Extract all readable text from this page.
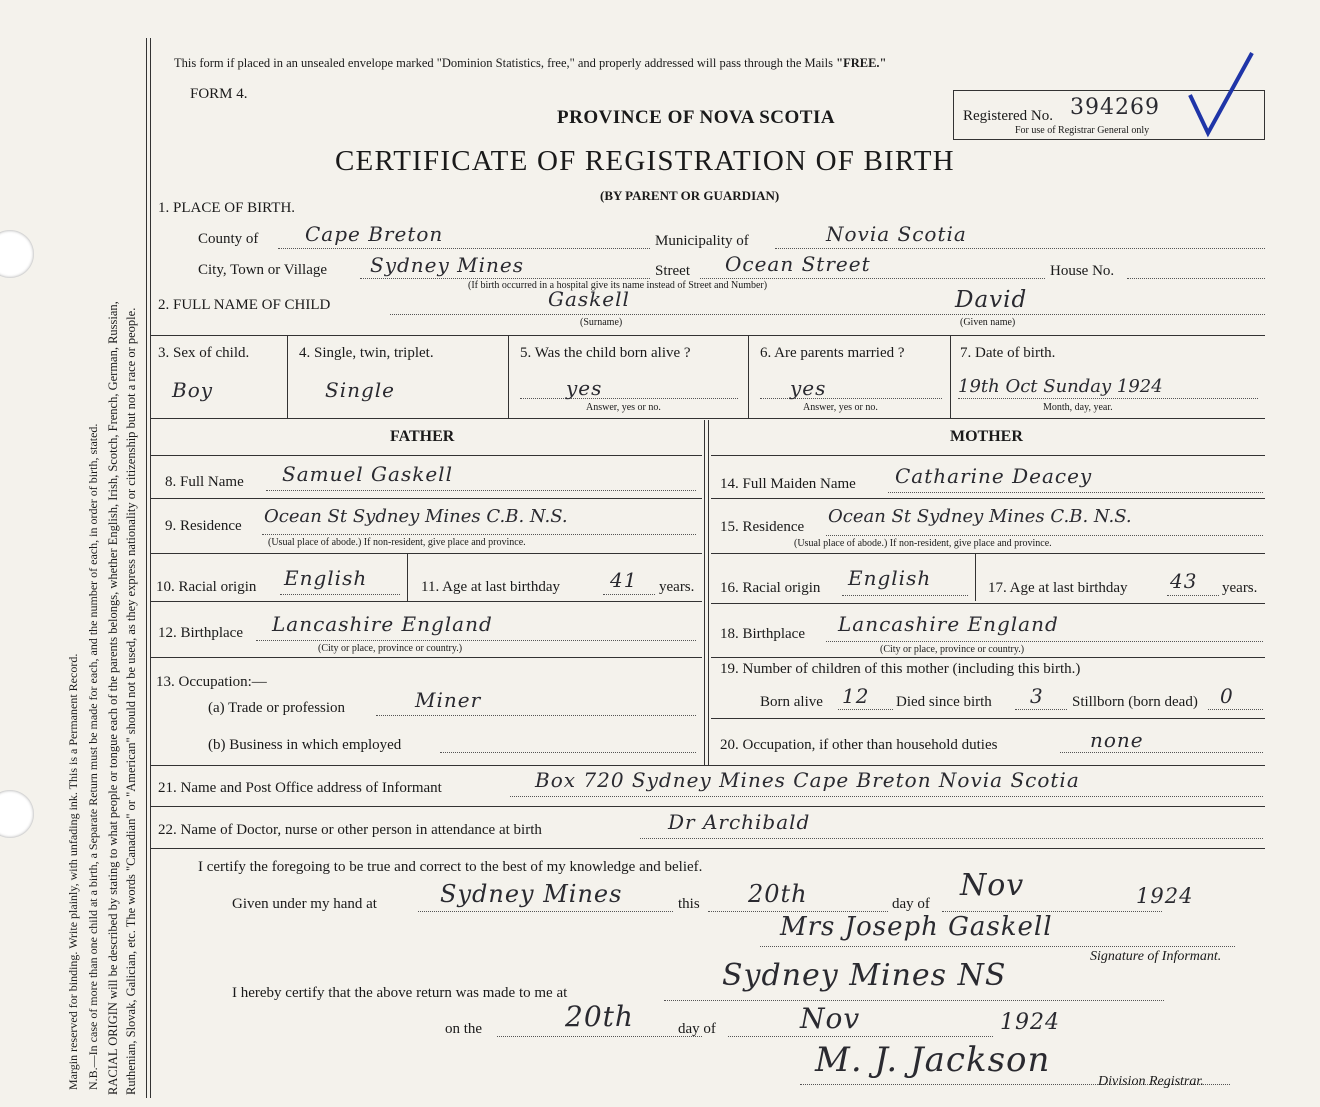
Margin reserved for binding. Write plainly, with unfading ink. This is a Permanent Record. N.B.—In case of more than one child at a birth, a Separate Return must be made for each, and the number of each, in order of birth, stated. RACIAL ORIGIN will be described by stating to what people or tongue each of the parents belongs, whether English, Irish, Scotch, French, German, Russian, Ruthenian, Slovak, Galician, etc. The words "Canadian" or "American" should not be used, as they express nationality or citizenship but not a race or people.
This form if placed in an unsealed envelope marked "Dominion Statistics, free," and properly addressed will pass through the Mails "FREE."
FORM 4.
PROVINCE OF NOVA SCOTIA
CERTIFICATE OF REGISTRATION OF BIRTH
(BY PARENT OR GUARDIAN)
Registered No. 394269
For use of Registrar General only
1. PLACE OF BIRTH.
County of Cape Breton	Municipality of	Novia Scotia
City, Town or Village Sydney Mines	Street Ocean Street	House No.
(If birth occurred in a hospital give its name instead of Street and Number)
2. FULL NAME OF CHILD	Gaskell
(Surname)
David
(Given name)
3. Sex of child.
Boy
4. Single, twin, triplet.
Single
5. Was the child born alive ?
yes
Answer, yes or no.
6. Are parents married ?
yes
Answer, yes or no.
7. Date of birth.
19th Oct Sunday 1924
Month, day, year.
FATHER	MOTHER
8. Full Name Samuel Gaskell
9. Residence Ocean St Sydney Mines C.B. N.S.
(Usual place of abode.) If non-resident, give place and province.
10. Racial origin English	11. Age at last birthday	41 years.
12. Birthplace Lancashire England
(City or place, province or country.)
13. Occupation:—
(a) Trade or profession	Miner
(b) Business in which employed
14. Full Maiden Name Catharine Deacey
15. Residence Ocean St Sydney Mines C.B. N.S.
(Usual place of abode.) If non-resident, give place and province.
16. Racial origin English	17. Age at last birthday 43 years.
18. Birthplace Lancashire England
(City or place, province or country.)
19. Number of children of this mother (including this birth.)
Born alive 12 Died since birth 3 Stillborn (born dead) 0
20. Occupation, if other than household duties	none
21. Name and Post Office address of Informant	Box 720 Sydney Mines Cape Breton Novia Scotia
22. Name of Doctor, nurse or other person in attendance at birth	Dr Archibald
I certify the foregoing to be true and correct to the best of my knowledge and belief.
Given under my hand at	Sydney Mines	this 20th	day of
Nov	1924
Mrs Joseph Gaskell
Signature of Informant.
I hereby certify that the above return was made to me at	Sydney Mines NS
on the	20th	day of	Nov	1924
M. J. Jackson
Division Registrar.
